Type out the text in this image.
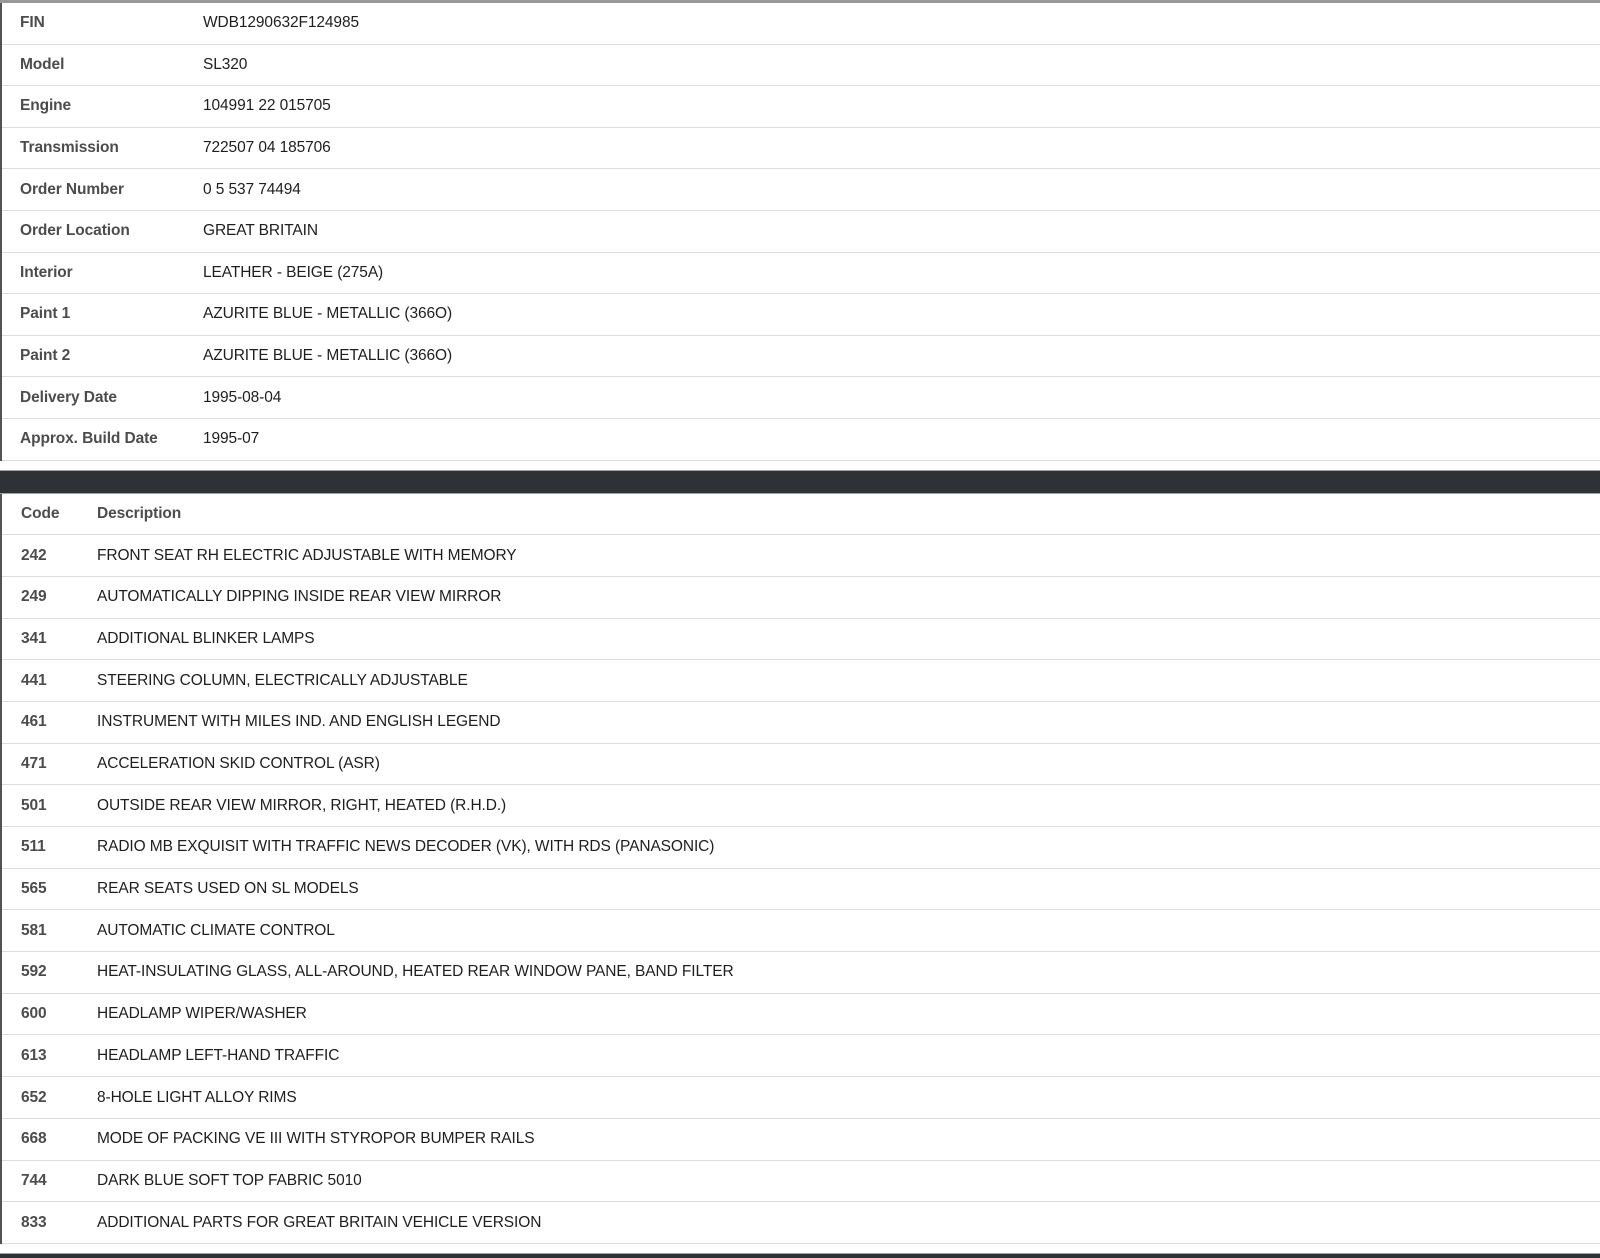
FIN	WDB1290632F124985
Model	SL320
Engine	104991 22 015705
Transmission	722507 04 185706
Order Number	0 5 537 74494
Order Location	GREAT BRITAIN
Interior	LEATHER - BEIGE (275A)
Paint 1	AZURITE BLUE - METALLIC (366O)
Paint 2	AZURITE BLUE - METALLIC (366O)
Delivery Date	1995-08-04
Approx. Build Date	1995-07
Code	Description
242	FRONT SEAT RH ELECTRIC ADJUSTABLE WITH MEMORY
249	AUTOMATICALLY DIPPING INSIDE REAR VIEW MIRROR
341	ADDITIONAL BLINKER LAMPS
441	STEERING COLUMN, ELECTRICALLY ADJUSTABLE
461	INSTRUMENT WITH MILES IND. AND ENGLISH LEGEND
471	ACCELERATION SKID CONTROL (ASR)
501	OUTSIDE REAR VIEW MIRROR, RIGHT, HEATED (R.H.D.)
511	RADIO MB EXQUISIT WITH TRAFFIC NEWS DECODER (VK), WITH RDS (PANASONIC)
565	REAR SEATS USED ON SL MODELS
581	AUTOMATIC CLIMATE CONTROL
592	HEAT-INSULATING GLASS, ALL-AROUND, HEATED REAR WINDOW PANE, BAND FILTER
600	HEADLAMP WIPER/WASHER
613	HEADLAMP LEFT-HAND TRAFFIC
652	8-HOLE LIGHT ALLOY RIMS
668	MODE OF PACKING VE III WITH STYROPOR BUMPER RAILS
744	DARK BLUE SOFT TOP FABRIC 5010
833	ADDITIONAL PARTS FOR GREAT BRITAIN VEHICLE VERSION
